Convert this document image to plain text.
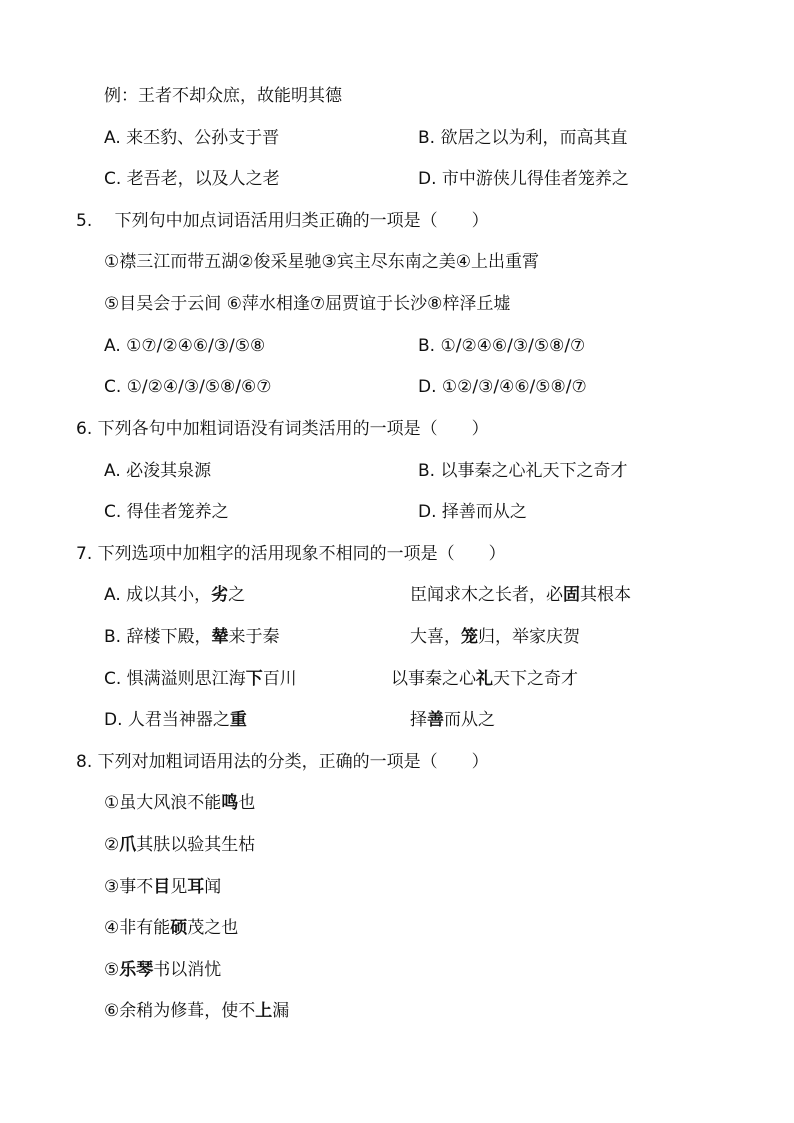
例：王者不却众庶，故能明其德
A. 来丕豹、公孙支于晋	B. 欲居之以为利，而高其直
C. 老吾老，以及人之老	D. 市中游侠儿得佳者笼养之
5.　 下列句中加点词语活用归类正确的一项是（　　）
①襟三江而带五湖②俊采星驰③宾主尽东南之美④上出重霄
⑤目吴会于云间 ⑥萍水相逢⑦屈贾谊于长沙⑧梓泽丘墟
A. ①⑦/②④⑥/③/⑤⑧	B. ①/②④⑥/③/⑤⑧/⑦
C. ①/②④/③/⑤⑧/⑥⑦	D. ①②/③/④⑥/⑤⑧/⑦
6. 下列各句中加粗词语没有词类活用的一项是（　　）
A. 必浚其泉源	B. 以事秦之心礼天下之奇才
C. 得佳者笼养之	D. 择善而从之
7. 下列选项中加粗字的活用现象不相同的一项是（　　）
A. 成以其小，劣之	臣闻求木之长者，必固其根本
B. 辞楼下殿，辇来于秦	大喜，笼归，举家庆贺
C. 惧满溢则思江海下百川	以事秦之心礼天下之奇才
D. 人君当神器之重	择善而从之
8. 下列对加粗词语用法的分类，正确的一项是（　　）
①虽大风浪不能鸣也
②爪其肤以验其生枯
③事不目见耳闻
④非有能硕茂之也
⑤乐琴书以消忧
⑥余稍为修葺，使不上漏
